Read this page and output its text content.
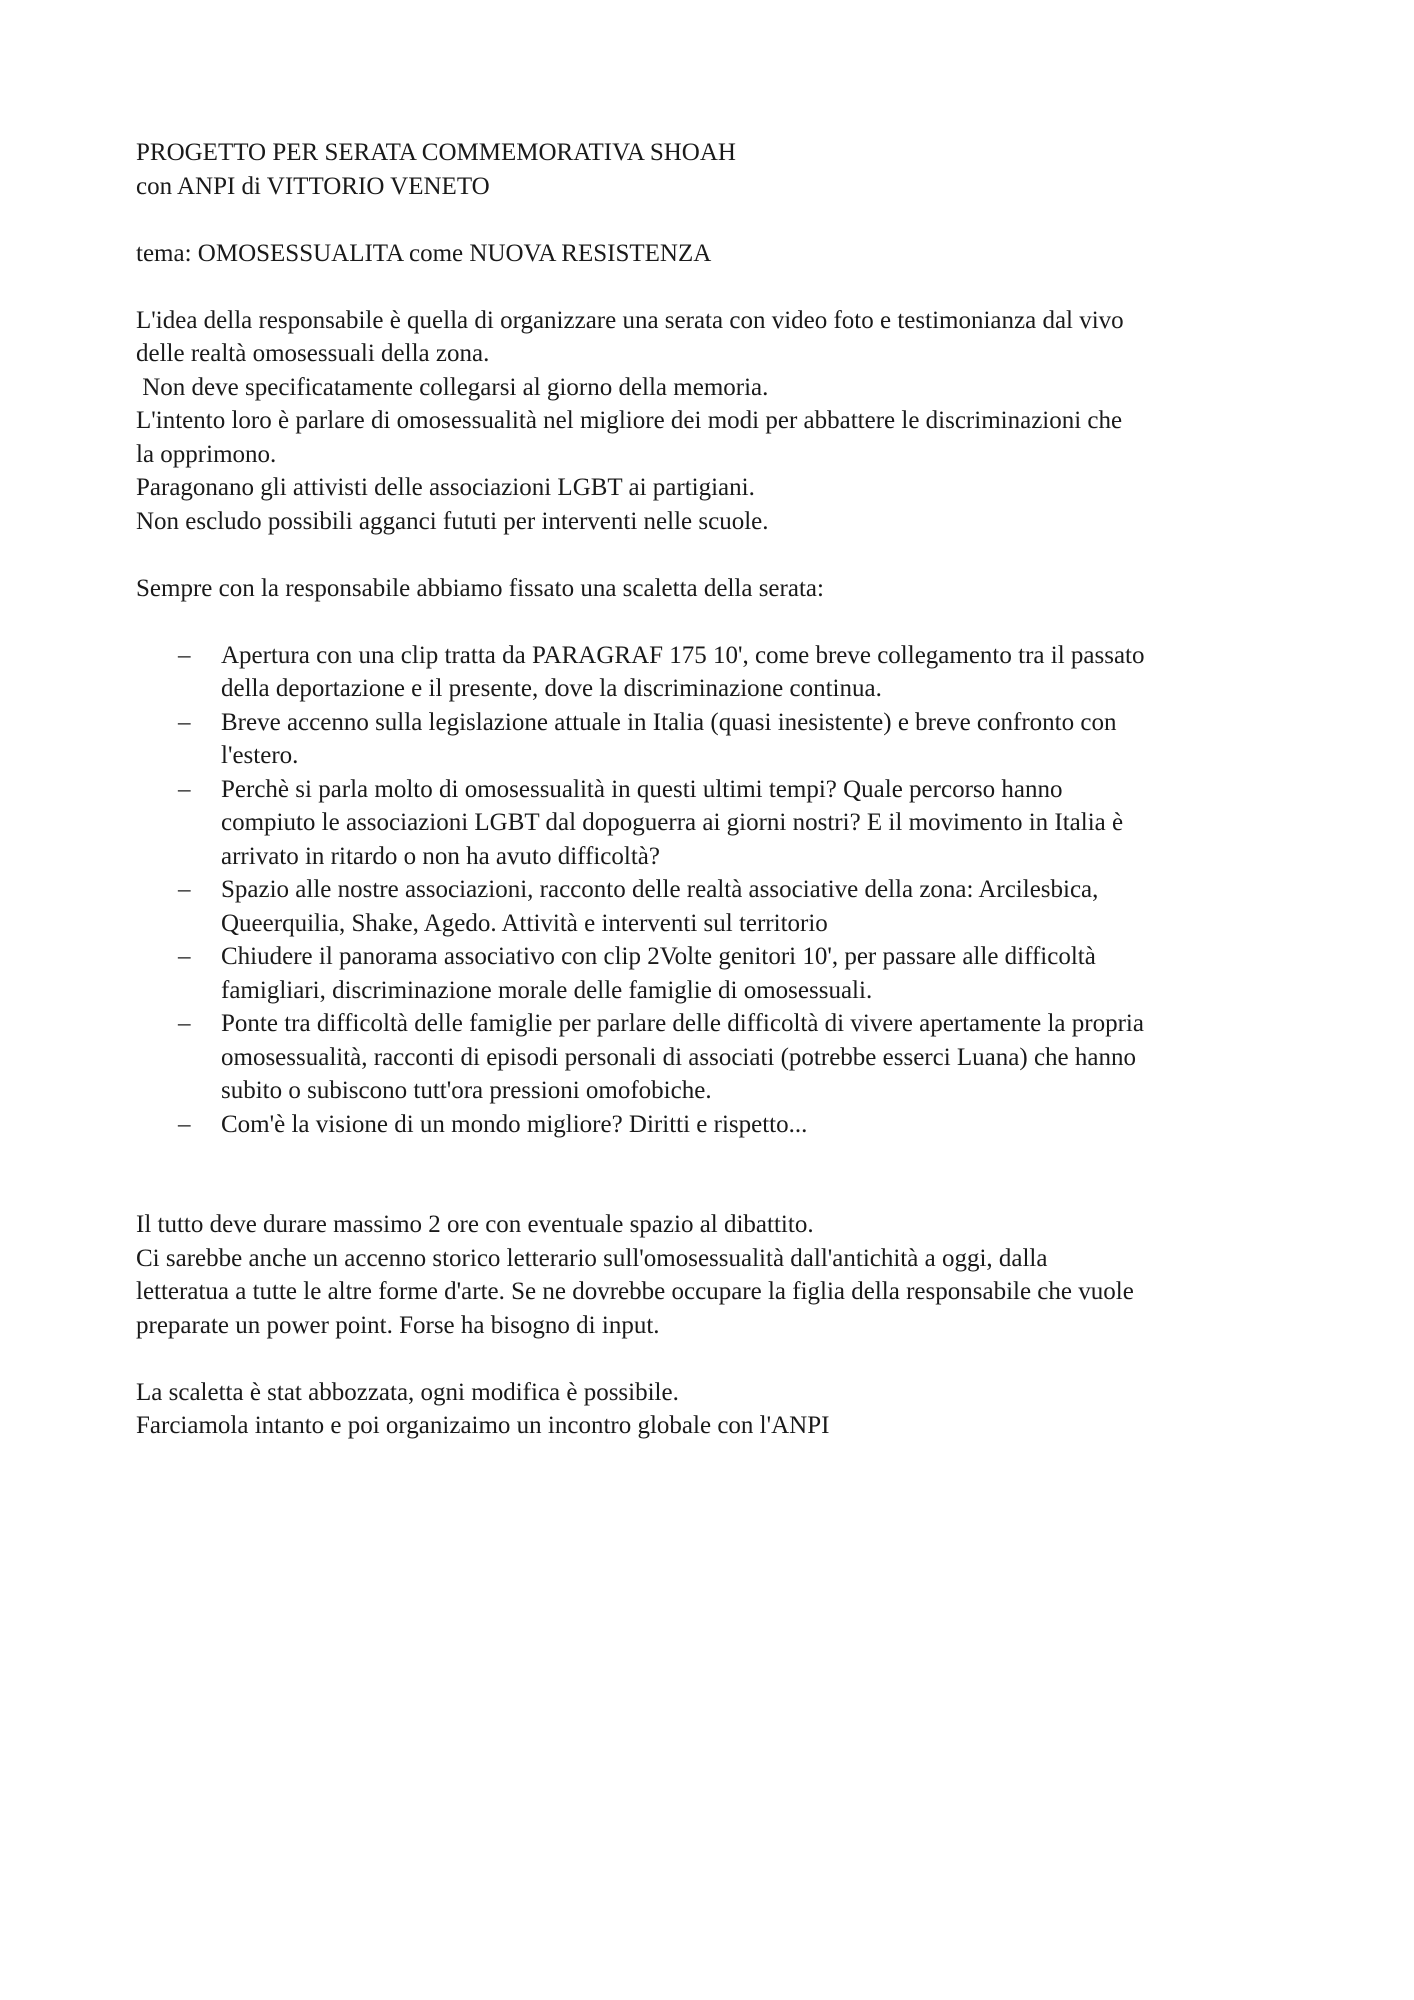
PROGETTO PER SERATA COMMEMORATIVA SHOAH

con ANPI di VITTORIO VENETO

tema: OMOSESSUALITA come NUOVA RESISTENZA

L'idea della responsabile è quella di organizzare una serata con video foto e testimonianza dal vivo

delle realtà omosessuali della zona.

Non deve specificatamente collegarsi al giorno della memoria.

L'intento loro è parlare di omosessualità nel migliore dei modi per abbattere le discriminazioni che

la opprimono.

Paragonano gli attivisti delle associazioni LGBT ai partigiani.

Non escludo possibili agganci fututi per interventi nelle scuole.

Sempre con la responsabile abbiamo fissato una scaletta della serata:

– Apertura con una clip tratta da PARAGRAF 175 10', come breve collegamento tra il passato

della deportazione e il presente, dove la discriminazione continua.

– Breve accenno sulla legislazione attuale in Italia (quasi inesistente) e breve confronto con

l'estero.

– Perchè si parla molto di omosessualità in questi ultimi tempi? Quale percorso hanno

compiuto le associazioni LGBT dal dopoguerra ai giorni nostri? E il movimento in Italia è

arrivato in ritardo o non ha avuto difficoltà?

– Spazio alle nostre associazioni, racconto delle realtà associative della zona: Arcilesbica,

Queerquilia, Shake, Agedo. Attività e interventi sul territorio

– Chiudere il panorama associativo con clip 2Volte genitori 10', per passare alle difficoltà

famigliari, discriminazione morale delle famiglie di omosessuali.

– Ponte tra difficoltà delle famiglie per parlare delle difficoltà di vivere apertamente la propria

omosessualità, racconti di episodi personali di associati (potrebbe esserci Luana) che hanno

subito o subiscono tutt'ora pressioni omofobiche.

– Com'è la visione di un mondo migliore? Diritti e rispetto...

Il tutto deve durare massimo 2 ore con eventuale spazio al dibattito.

Ci sarebbe anche un accenno storico letterario sull'omosessualità dall'antichità a oggi, dalla

letteratua a tutte le altre forme d'arte. Se ne dovrebbe occupare la figlia della responsabile che vuole

preparate un power point. Forse ha bisogno di input.

La scaletta è stat abbozzata, ogni modifica è possibile.

Farciamola intanto e poi organizaimo un incontro globale con l'ANPI
